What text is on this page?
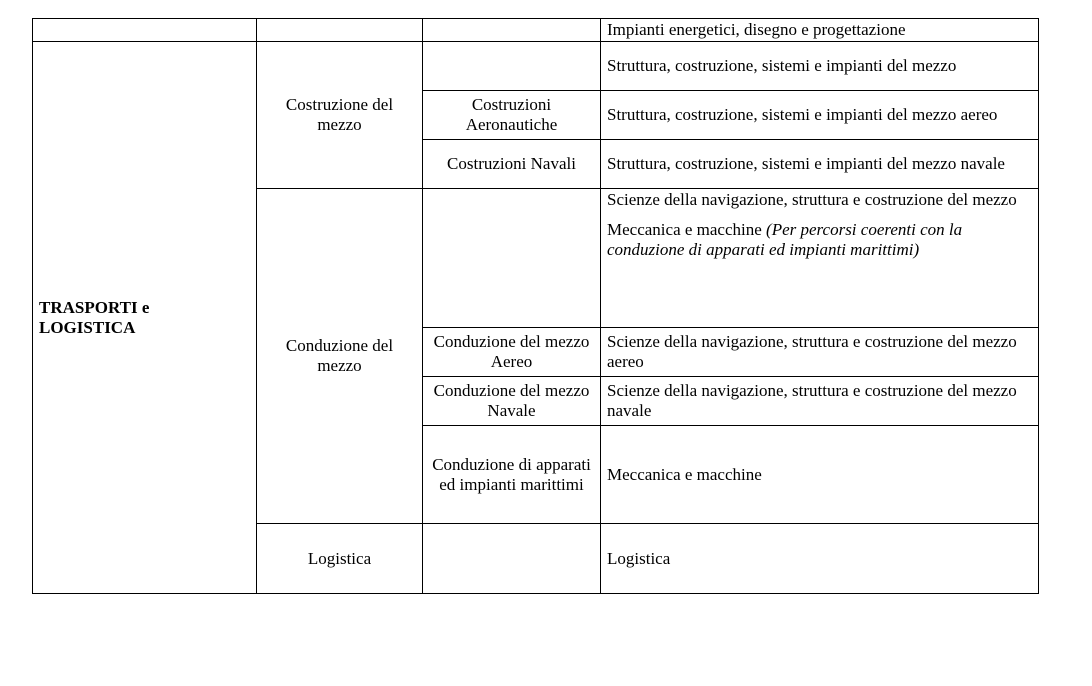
			Impianti energetici, disegno e progettazione
TRASPORTI e
LOGISTICA	Costruzione del mezzo		Struttura, costruzione, sistemi e impianti del mezzo
		Costruzioni Aeronautiche	Struttura, costruzione, sistemi e impianti del mezzo aereo
		Costruzioni Navali	Struttura, costruzione, sistemi e impianti del mezzo navale
	Conduzione del mezzo		Scienze della navigazione, struttura e costruzione del mezzo
Meccanica e macchine (Per percorsi coerenti con la conduzione di apparati ed impianti marittimi)

		Conduzione del mezzo Aereo	Scienze della navigazione, struttura e costruzione del mezzo aereo
		Conduzione del mezzo Navale	Scienze della navigazione, struttura e costruzione del mezzo navale
		Conduzione di apparati ed impianti marittimi	Meccanica e macchine
	Logistica		Logistica
